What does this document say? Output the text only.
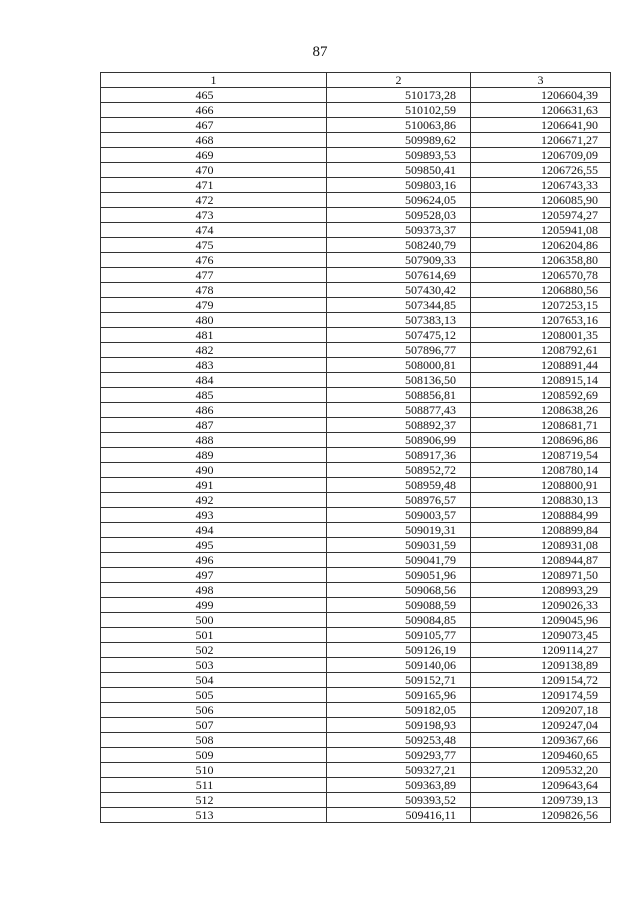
87
1	2	3
465	510173,28	1206604,39
466	510102,59	1206631,63
467	510063,86	1206641,90
468	509989,62	1206671,27
469	509893,53	1206709,09
470	509850,41	1206726,55
471	509803,16	1206743,33
472	509624,05	1206085,90
473	509528,03	1205974,27
474	509373,37	1205941,08
475	508240,79	1206204,86
476	507909,33	1206358,80
477	507614,69	1206570,78
478	507430,42	1206880,56
479	507344,85	1207253,15
480	507383,13	1207653,16
481	507475,12	1208001,35
482	507896,77	1208792,61
483	508000,81	1208891,44
484	508136,50	1208915,14
485	508856,81	1208592,69
486	508877,43	1208638,26
487	508892,37	1208681,71
488	508906,99	1208696,86
489	508917,36	1208719,54
490	508952,72	1208780,14
491	508959,48	1208800,91
492	508976,57	1208830,13
493	509003,57	1208884,99
494	509019,31	1208899,84
495	509031,59	1208931,08
496	509041,79	1208944,87
497	509051,96	1208971,50
498	509068,56	1208993,29
499	509088,59	1209026,33
500	509084,85	1209045,96
501	509105,77	1209073,45
502	509126,19	1209114,27
503	509140,06	1209138,89
504	509152,71	1209154,72
505	509165,96	1209174,59
506	509182,05	1209207,18
507	509198,93	1209247,04
508	509253,48	1209367,66
509	509293,77	1209460,65
510	509327,21	1209532,20
511	509363,89	1209643,64
512	509393,52	1209739,13
513	509416,11	1209826,56
